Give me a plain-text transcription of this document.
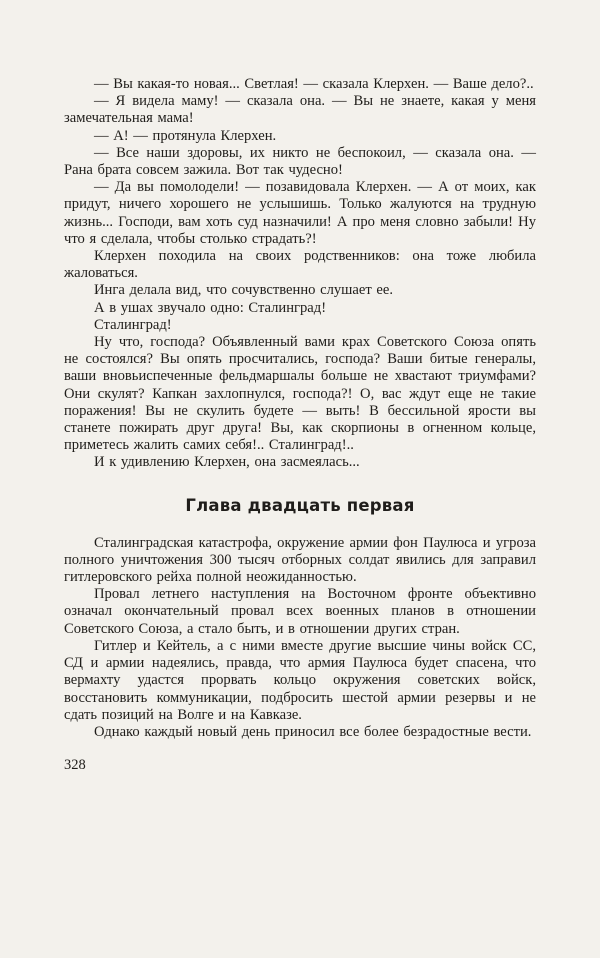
— Вы какая-то новая... Светлая! — сказала Клерхен. — Ваше дело?..

— Я видела маму! — сказала она. — Вы не знаете, какая у меня замечательная мама!

— А! — протянула Клерхен.

— Все наши здоровы, их никто не беспокоил, — сказала она. — Рана брата совсем зажила. Вот так чудесно!

— Да вы помолодели! — позавидовала Клерхен. — А от моих, как придут, ничего хорошего не услышишь. Только жалуются на трудную жизнь... Господи, вам хоть суд назначили! А про меня словно забыли! Ну что я сделала, чтобы столько страдать?!

Клерхен походила на своих родственников: она тоже любила жаловаться.

Инга делала вид, что сочувственно слушает ее.

А в ушах звучало одно: Сталинград!

Сталинград!

Ну что, господа? Объявленный вами крах Советского Союза опять не состоялся? Вы опять просчитались, господа? Ваши битые генералы, ваши вновьиспеченные фельдмаршалы больше не хвастают триумфами? Они скулят? Капкан захлопнулся, господа?! О, вас ждут еще не такие поражения! Вы не скулить будете — выть! В бессильной ярости вы станете пожирать друг друга! Вы, как скорпионы в огненном кольце, приметесь жалить самих себя!.. Сталинград!..

И к удивлению Клерхен, она засмеялась...

Глава двадцать первая

Сталинградская катастрофа, окружение армии фон Паулюса и угроза полного уничтожения 300 тысяч отборных солдат явились для заправил гитлеровского рейха полной неожиданностью.

Провал летнего наступления на Восточном фронте объективно означал окончательный провал всех военных планов в отношении Советского Союза, а стало быть, и в отношении других стран.

Гитлер и Кейтель, а с ними вместе другие высшие чины войск СС, СД и армии надеялись, правда, что армия Паулюса будет спасена, что вермахту удастся прорвать кольцо окружения советских войск, восстановить коммуникации, подбросить шестой армии резервы и не сдать позиций на Волге и на Кавказе.

Однако каждый новый день приносил все более безрадостные вести.

328
